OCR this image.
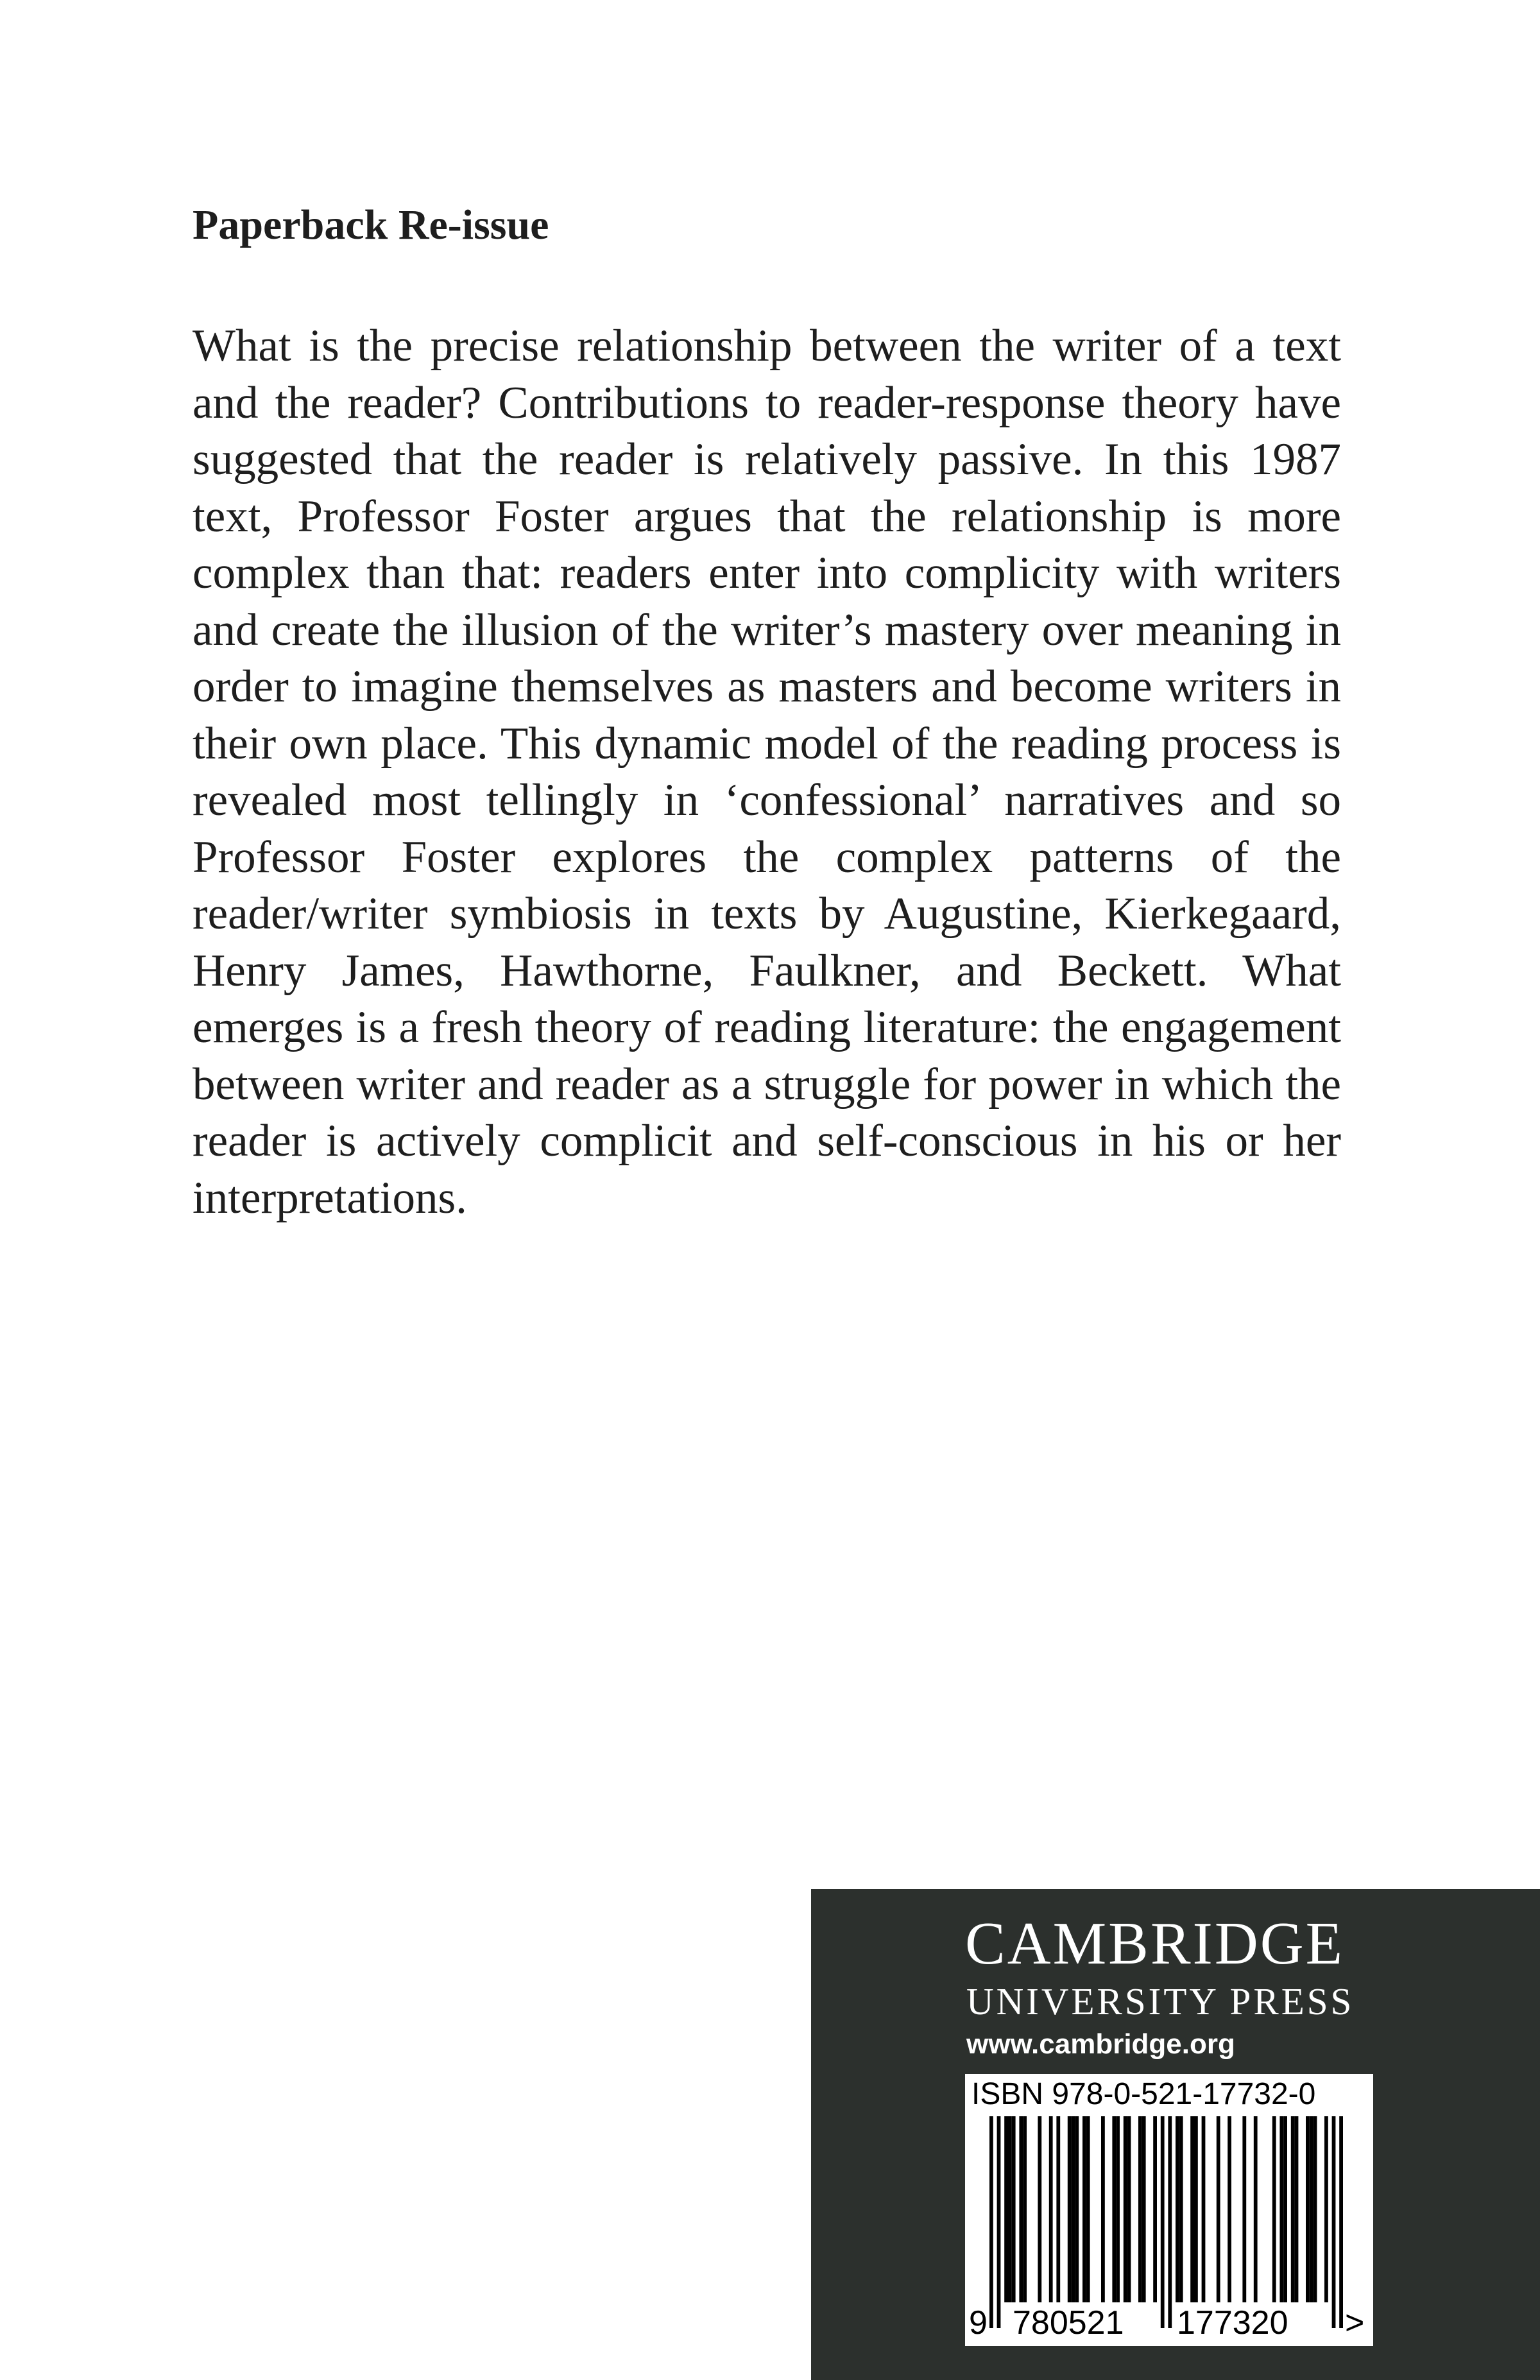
Paperback Re-issue

What is the precise relationship between the writer of a text and the reader? Contributions to reader-response theory have suggested that the reader is relatively passive. In this 1987 text, Professor Foster argues that the relationship is more complex than that: readers enter into complicity with writers and create the illusion of the writer’s mastery over meaning in order to imagine themselves as masters and become writers in their own place. This dynamic model of the reading process is revealed most tellingly in ‘confessional’ narratives and so Professor Foster explores the complex patterns of the reader/writer symbiosis in texts by Augustine, Kierkegaard, Henry James, Hawthorne, Faulkner, and Beckett. What emerges is a fresh theory of reading literature: the engagement between writer and reader as a struggle for power in which the reader is actively complicit and self-conscious in his or her interpretations.

CAMBRIDGE
UNIVERSITY PRESS
www.cambridge.org
ISBN 978-0-521-17732-0
9 780521 177320 >
